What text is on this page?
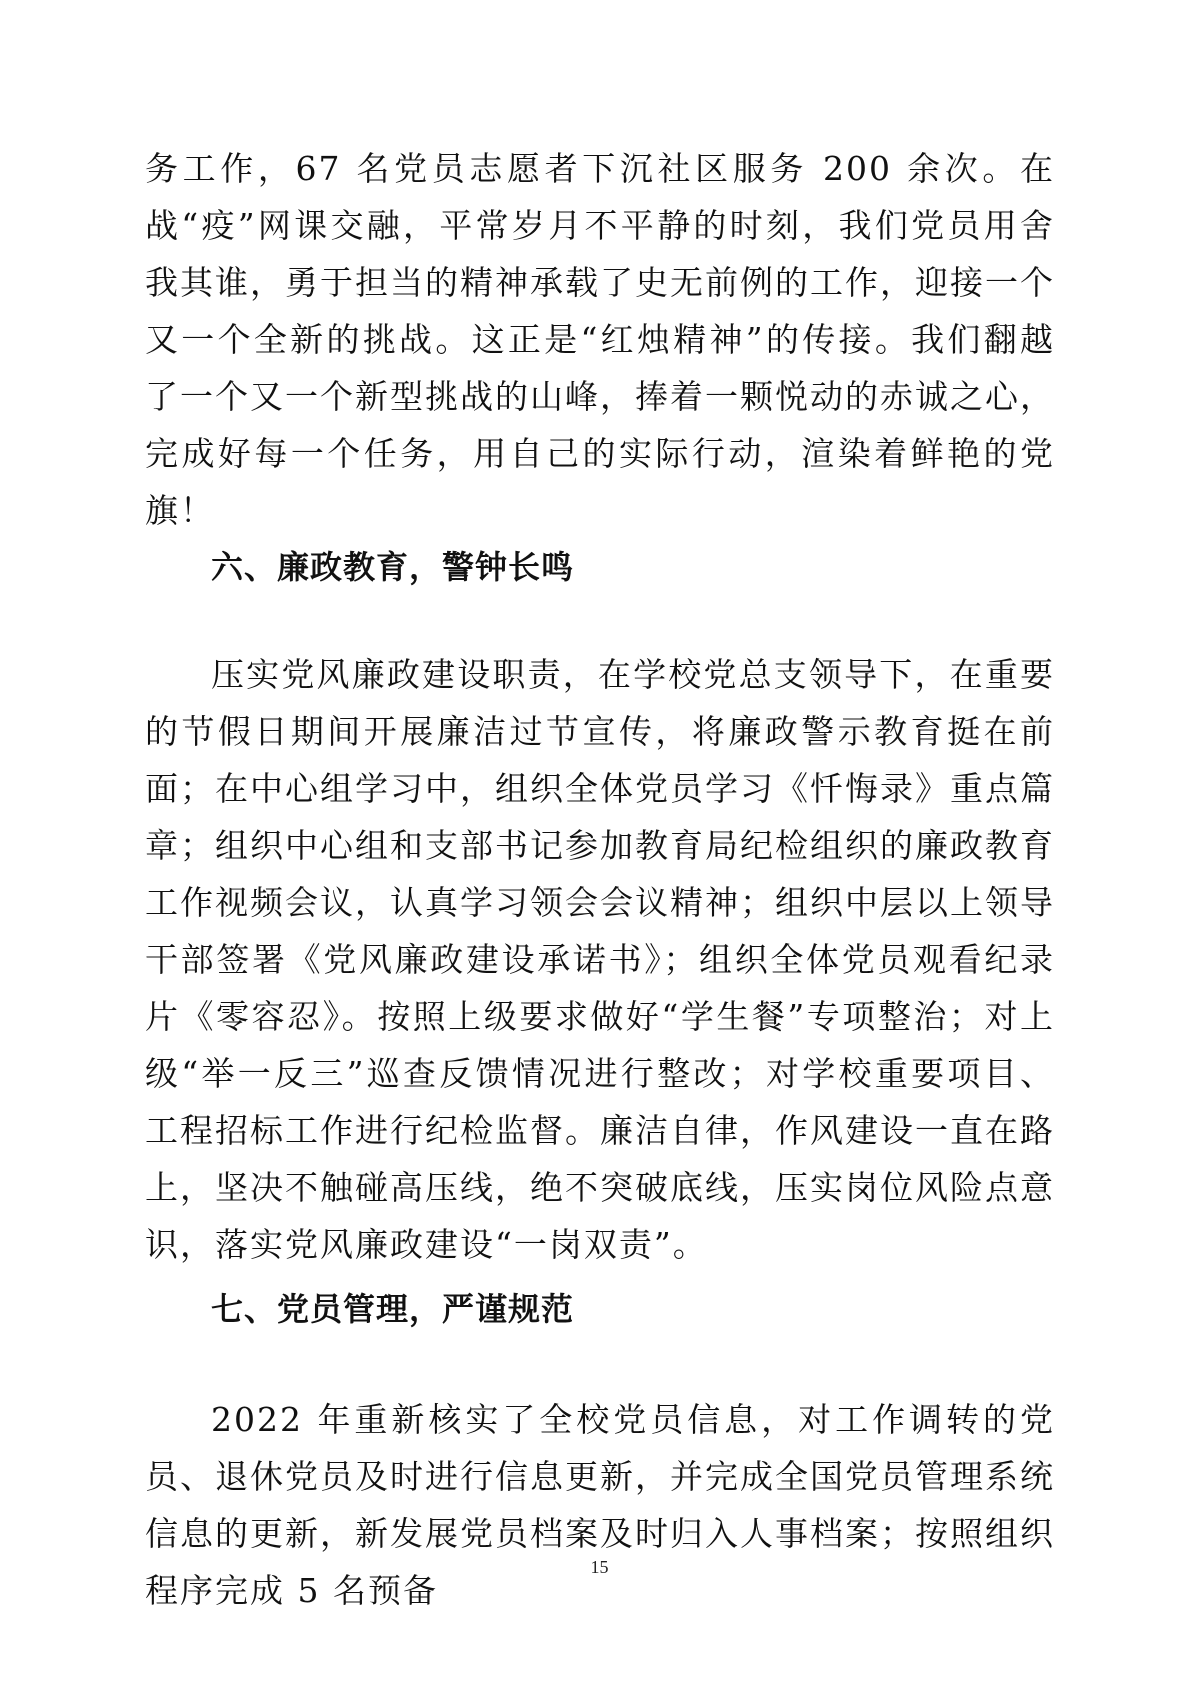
务工作，67 名党员志愿者下沉社区服务 200 余次。在战“疫”网课交融，平常岁月不平静的时刻，我们党员用舍我其谁，勇于担当的精神承载了史无前例的工作，迎接一个又一个全新的挑战。这正是“红烛精神”的传接。我们翻越了一个又一个新型挑战的山峰，捧着一颗悦动的赤诚之心，完成好每一个任务，用自己的实际行动，渲染着鲜艳的党旗！

六、廉政教育，警钟长鸣

压实党风廉政建设职责，在学校党总支领导下，在重要的节假日期间开展廉洁过节宣传，将廉政警示教育挺在前面；在中心组学习中，组织全体党员学习《忏悔录》重点篇章；组织中心组和支部书记参加教育局纪检组织的廉政教育工作视频会议，认真学习领会会议精神；组织中层以上领导干部签署《党风廉政建设承诺书》；组织全体党员观看纪录片《零容忍》。按照上级要求做好“学生餐”专项整治；对上级“举一反三”巡查反馈情况进行整改；对学校重要项目、工程招标工作进行纪检监督。廉洁自律，作风建设一直在路上，坚决不触碰高压线，绝不突破底线，压实岗位风险点意识，落实党风廉政建设“一岗双责”。

七、党员管理，严谨规范

2022 年重新核实了全校党员信息，对工作调转的党员、退休党员及时进行信息更新，并完成全国党员管理系统信息的更新，新发展党员档案及时归入人事档案；按照组织程序完成 5 名预备

15
